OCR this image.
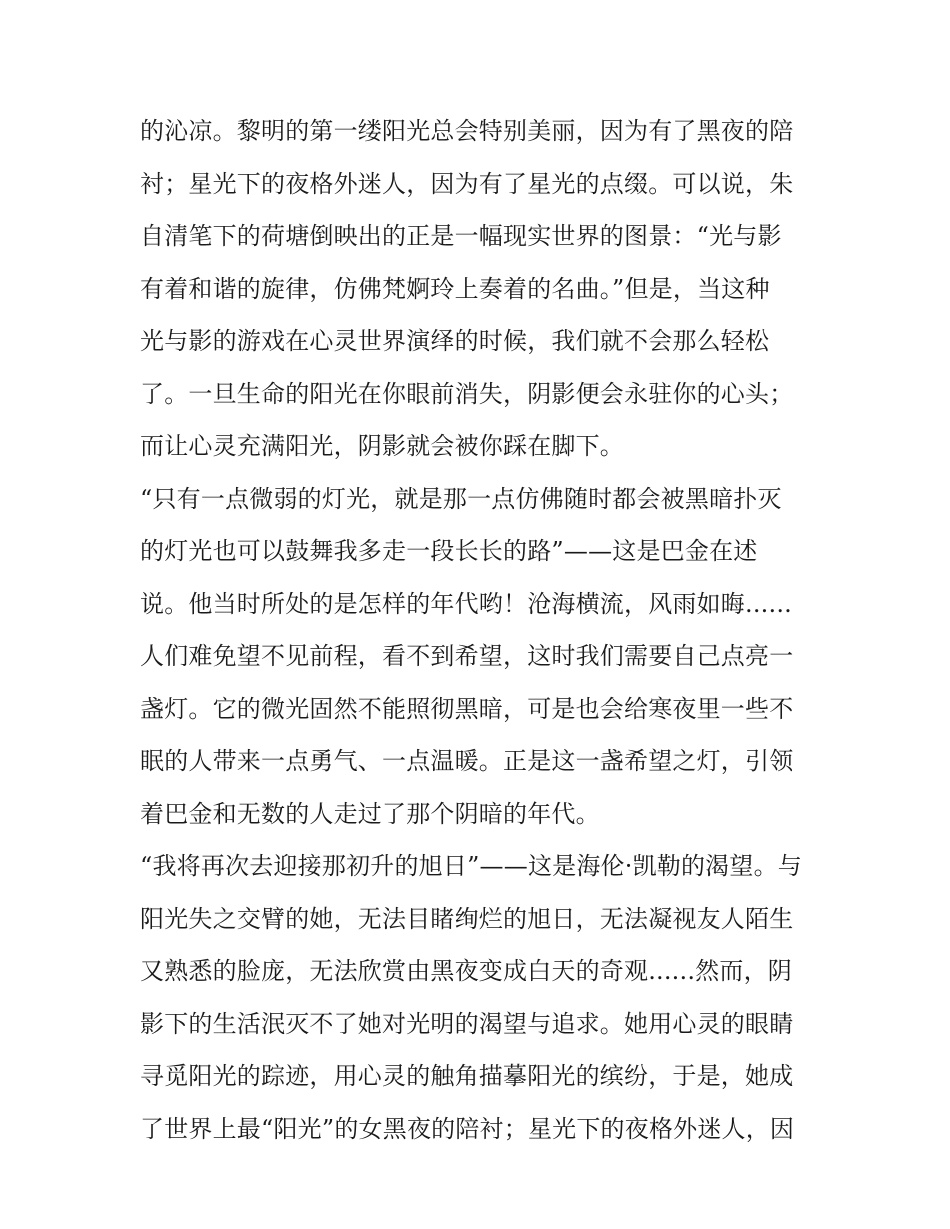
的沁凉。黎明的第一缕阳光总会特别美丽，因为有了黑夜的陪
衬；星光下的夜格外迷人，因为有了星光的点缀。可以说，朱
自清笔下的荷塘倒映出的正是一幅现实世界的图景：“光与影
有着和谐的旋律，仿佛梵婀玲上奏着的名曲。”但是，当这种
光与影的游戏在心灵世界演绎的时候，我们就不会那么轻松
了。一旦生命的阳光在你眼前消失，阴影便会永驻你的心头；
而让心灵充满阳光，阴影就会被你踩在脚下。
“只有一点微弱的灯光，就是那一点仿佛随时都会被黑暗扑灭
的灯光也可以鼓舞我多走一段长长的路”——这是巴金在述
说。他当时所处的是怎样的年代哟！沧海横流，风雨如晦......
人们难免望不见前程，看不到希望，这时我们需要自己点亮一
盏灯。它的微光固然不能照彻黑暗，可是也会给寒夜里一些不
眠的人带来一点勇气、一点温暖。正是这一盏希望之灯，引领
着巴金和无数的人走过了那个阴暗的年代。
“我将再次去迎接那初升的旭日”——这是海伦·凯勒的渴望。与
阳光失之交臂的她，无法目睹绚烂的旭日，无法凝视友人陌生
又熟悉的脸庞，无法欣赏由黑夜变成白天的奇观......然而，阴
影下的生活泯灭不了她对光明的渴望与追求。她用心灵的眼睛
寻觅阳光的踪迹，用心灵的触角描摹阳光的缤纷，于是，她成
了世界上最“阳光”的女黑夜的陪衬；星光下的夜格外迷人，因
